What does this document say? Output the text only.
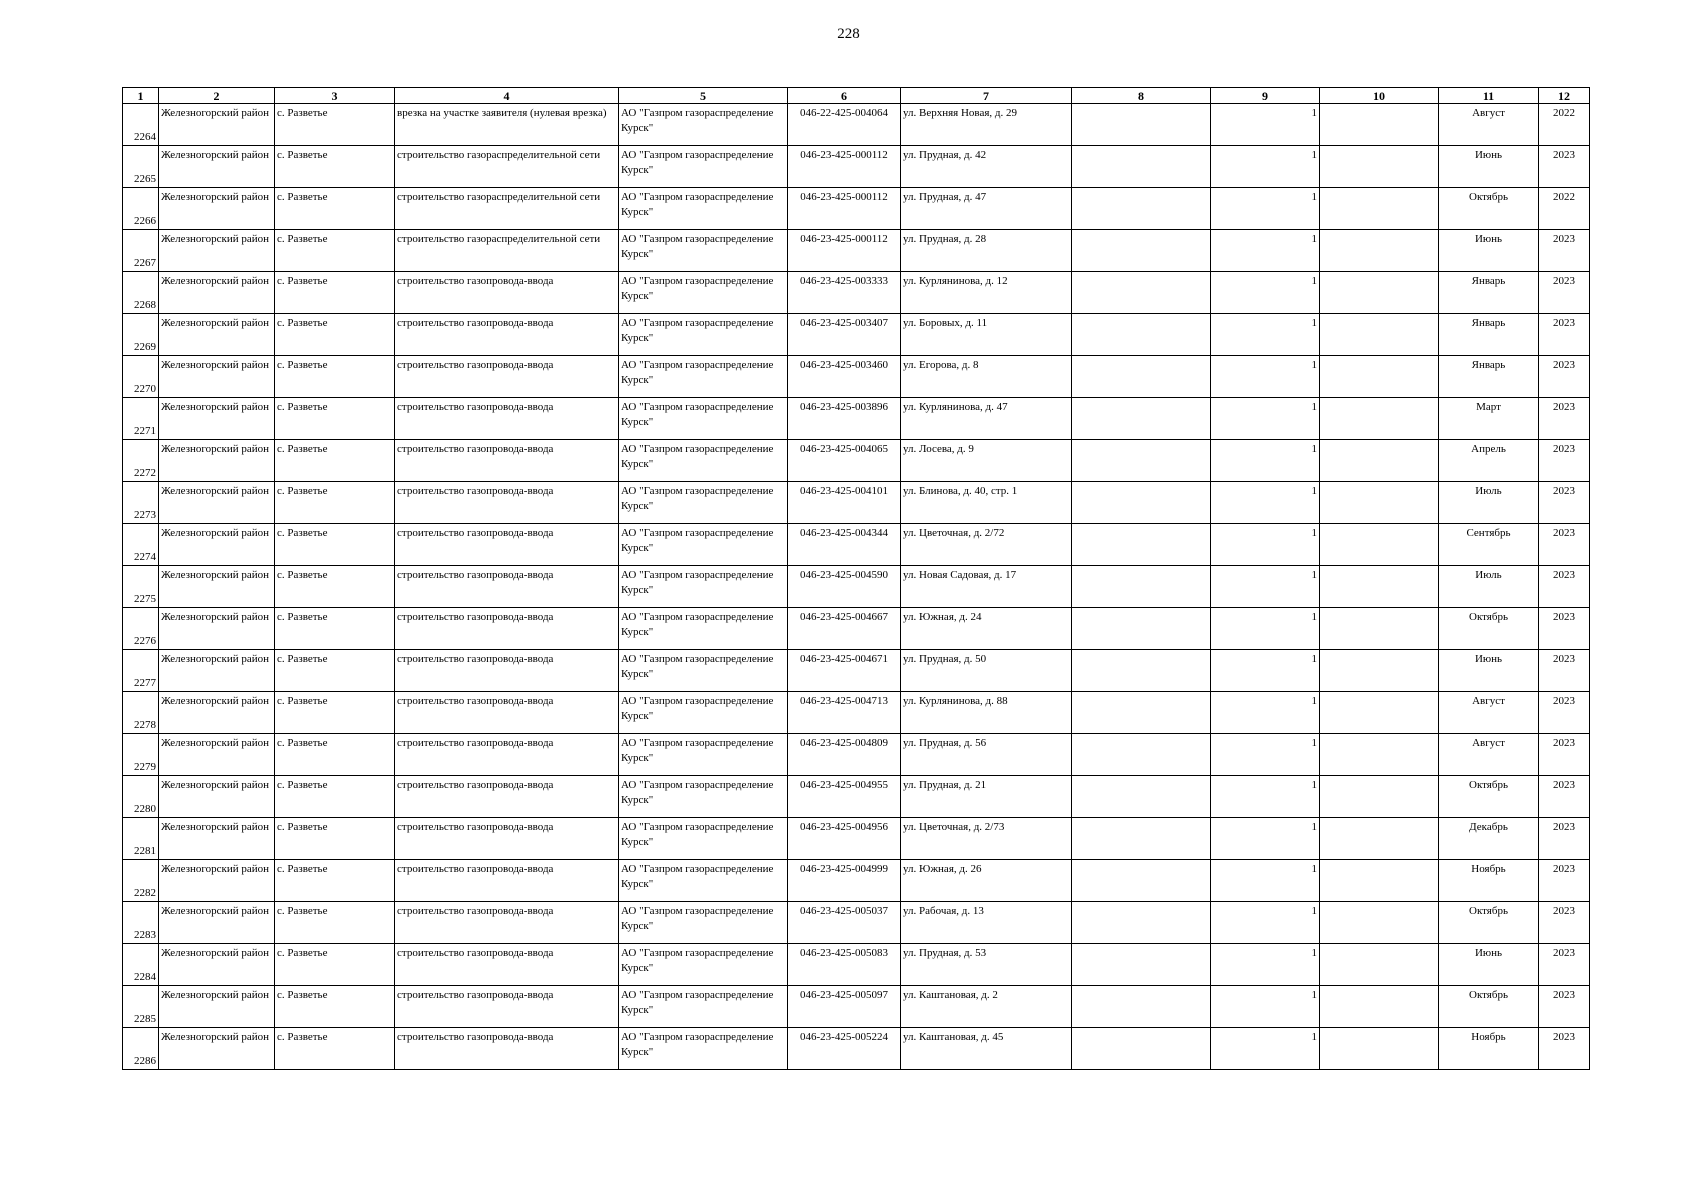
228
1	2	3	4	5	6	7	8	9	10	11	12
2264	Железногорский район	с. Разветье	врезка на участке заявителя (нулевая врезка)	АО "Газпром газораспределение Курск"	046-22-425-004064	ул. Верхняя Новая, д. 29		1		Август	2022
2265	Железногорский район	с. Разветье	строительство газораспределительной сети	АО "Газпром газораспределение Курск"	046-23-425-000112	ул. Прудная, д. 42		1		Июнь	2023
2266	Железногорский район	с. Разветье	строительство газораспределительной сети	АО "Газпром газораспределение Курск"	046-23-425-000112	ул. Прудная, д. 47		1		Октябрь	2022
2267	Железногорский район	с. Разветье	строительство газораспределительной сети	АО "Газпром газораспределение Курск"	046-23-425-000112	ул. Прудная, д. 28		1		Июнь	2023
2268	Железногорский район	с. Разветье	строительство газопровода-ввода	АО "Газпром газораспределение Курск"	046-23-425-003333	ул. Курлянинова, д. 12		1		Январь	2023
2269	Железногорский район	с. Разветье	строительство газопровода-ввода	АО "Газпром газораспределение Курск"	046-23-425-003407	ул. Боровых, д. 11		1		Январь	2023
2270	Железногорский район	с. Разветье	строительство газопровода-ввода	АО "Газпром газораспределение Курск"	046-23-425-003460	ул. Егорова, д. 8		1		Январь	2023
2271	Железногорский район	с. Разветье	строительство газопровода-ввода	АО "Газпром газораспределение Курск"	046-23-425-003896	ул. Курлянинова, д. 47		1		Март	2023
2272	Железногорский район	с. Разветье	строительство газопровода-ввода	АО "Газпром газораспределение Курск"	046-23-425-004065	ул. Лосева, д. 9		1		Апрель	2023
2273	Железногорский район	с. Разветье	строительство газопровода-ввода	АО "Газпром газораспределение Курск"	046-23-425-004101	ул. Блинова, д. 40, стр. 1		1		Июль	2023
2274	Железногорский район	с. Разветье	строительство газопровода-ввода	АО "Газпром газораспределение Курск"	046-23-425-004344	ул. Цветочная, д. 2/72		1		Сентябрь	2023
2275	Железногорский район	с. Разветье	строительство газопровода-ввода	АО "Газпром газораспределение Курск"	046-23-425-004590	ул. Новая Садовая, д. 17		1		Июль	2023
2276	Железногорский район	с. Разветье	строительство газопровода-ввода	АО "Газпром газораспределение Курск"	046-23-425-004667	ул. Южная, д. 24		1		Октябрь	2023
2277	Железногорский район	с. Разветье	строительство газопровода-ввода	АО "Газпром газораспределение Курск"	046-23-425-004671	ул. Прудная, д. 50		1		Июнь	2023
2278	Железногорский район	с. Разветье	строительство газопровода-ввода	АО "Газпром газораспределение Курск"	046-23-425-004713	ул. Курлянинова, д. 88		1		Август	2023
2279	Железногорский район	с. Разветье	строительство газопровода-ввода	АО "Газпром газораспределение Курск"	046-23-425-004809	ул. Прудная, д. 56		1		Август	2023
2280	Железногорский район	с. Разветье	строительство газопровода-ввода	АО "Газпром газораспределение Курск"	046-23-425-004955	ул. Прудная, д. 21		1		Октябрь	2023
2281	Железногорский район	с. Разветье	строительство газопровода-ввода	АО "Газпром газораспределение Курск"	046-23-425-004956	ул. Цветочная, д. 2/73		1		Декабрь	2023
2282	Железногорский район	с. Разветье	строительство газопровода-ввода	АО "Газпром газораспределение Курск"	046-23-425-004999	ул. Южная, д. 26		1		Ноябрь	2023
2283	Железногорский район	с. Разветье	строительство газопровода-ввода	АО "Газпром газораспределение Курск"	046-23-425-005037	ул. Рабочая, д. 13		1		Октябрь	2023
2284	Железногорский район	с. Разветье	строительство газопровода-ввода	АО "Газпром газораспределение Курск"	046-23-425-005083	ул. Прудная, д. 53		1		Июнь	2023
2285	Железногорский район	с. Разветье	строительство газопровода-ввода	АО "Газпром газораспределение Курск"	046-23-425-005097	ул. Каштановая, д. 2		1		Октябрь	2023
2286	Железногорский район	с. Разветье	строительство газопровода-ввода	АО "Газпром газораспределение Курск"	046-23-425-005224	ул. Каштановая, д. 45		1		Ноябрь	2023
